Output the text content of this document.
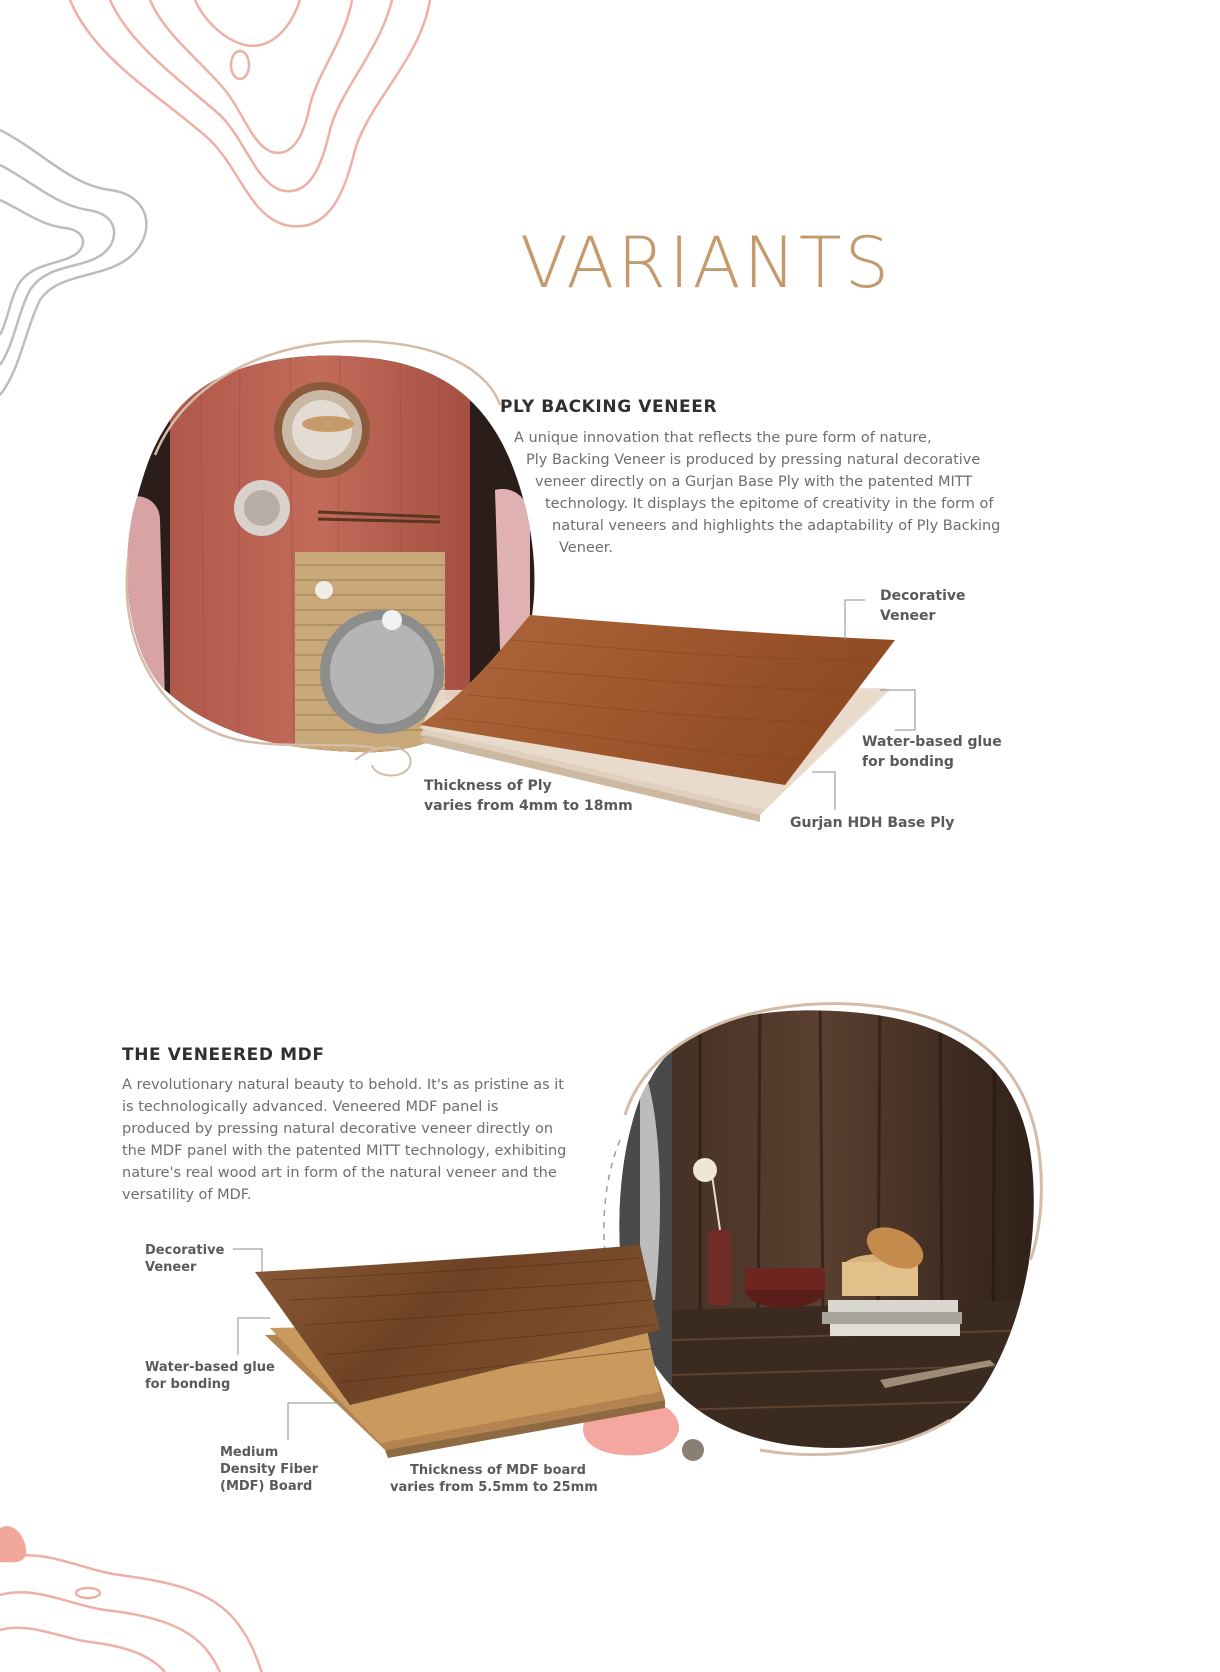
VARIANTS
PLY BACKING VENEER
A unique innovation that reflects the pure form of nature,
Ply Backing Veneer is produced by pressing natural decorative
veneer directly on a Gurjan Base Ply with the patented MITT
technology. It displays the epitome of creativity in the form of
natural veneers and highlights the adaptability of Ply Backing
Veneer.
Decorative
Veneer
Water-based glue
for bonding
Gurjan HDH Base Ply
Thickness of Ply
varies from 4mm to 18mm
THE VENEERED MDF
A revolutionary natural beauty to behold. It's as pristine as it
is technologically advanced. Veneered MDF panel is
produced by pressing natural decorative veneer directly on
the MDF panel with the patented MITT technology, exhibiting
nature's real wood art in form of the natural veneer and the
versatility of MDF.
Decorative
Veneer
Water-based glue
for bonding
Medium
Density Fiber
(MDF) Board
Thickness of MDF board
varies from 5.5mm to 25mm
